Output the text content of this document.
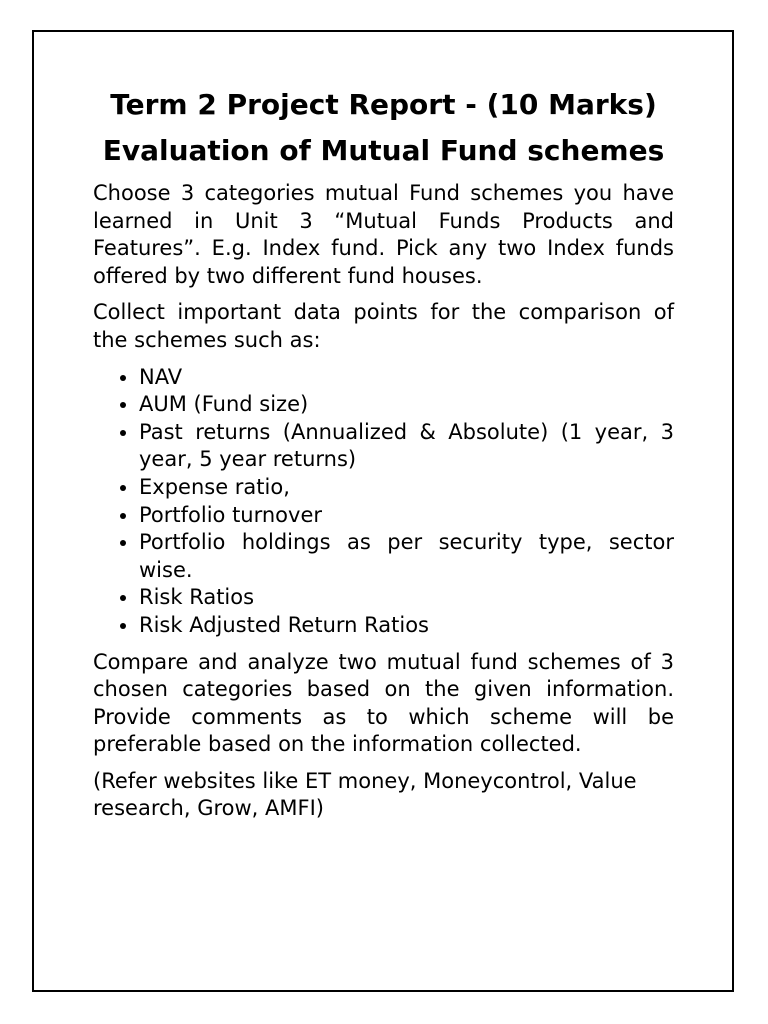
Term 2 Project Report - (10 Marks)
Evaluation of Mutual Fund schemes

Choose 3 categories mutual Fund schemes you have learned in Unit 3 “Mutual Funds Products and Features”. E.g. Index fund. Pick any two Index funds offered by two different fund houses.

Collect important data points for the comparison of the schemes such as:

• NAV
• AUM (Fund size)
• Past returns (Annualized & Absolute) (1 year, 3 year, 5 year returns)
• Expense ratio,
• Portfolio turnover
• Portfolio holdings as per security type, sector wise.
• Risk Ratios
• Risk Adjusted Return Ratios

Compare and analyze two mutual fund schemes of 3 chosen categories based on the given information. Provide comments as to which scheme will be preferable based on the information collected.

(Refer websites like ET money, Moneycontrol, Value research, Grow, AMFI)
